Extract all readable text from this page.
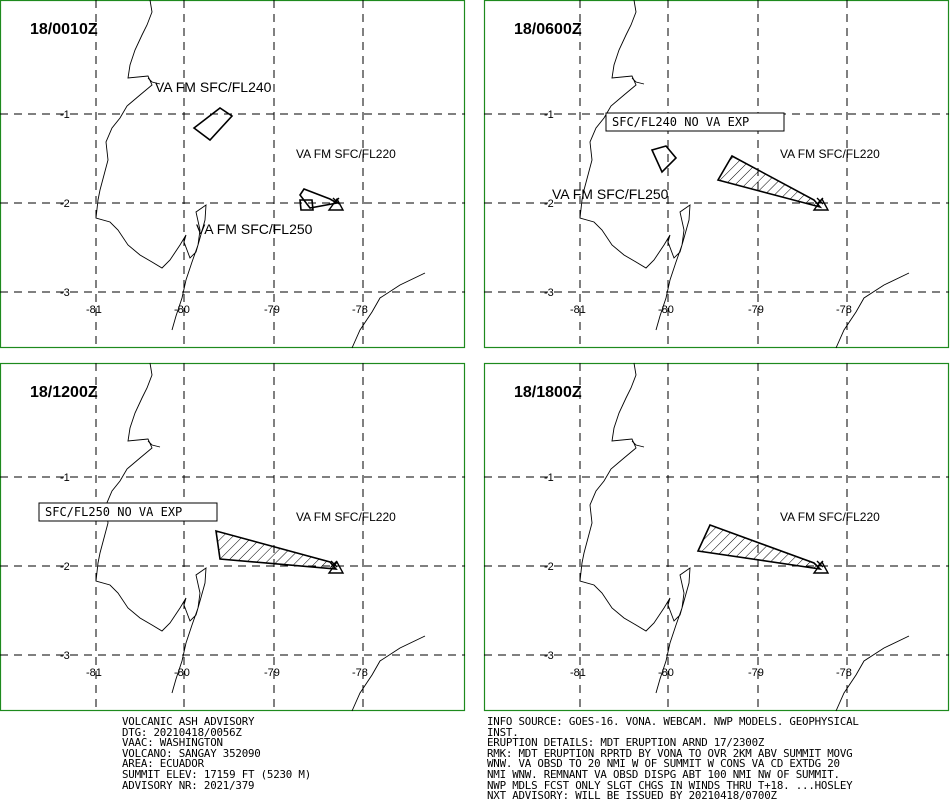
-81	-80	-79	-78
-1
-2
-3
18/0010Z
VA FM SFC/FL240
VA FM SFC/FL220
VA FM SFC/FL250
-81	-80	-79	-78
-1
-2
-3
18/0600Z
SFC/FL240 NO VA EXP
VA FM SFC/FL220
VA FM SFC/FL250
-81	-80	-79	-78
-1
-2
-3
18/1200Z
SFC/FL250 NO VA EXP	VA FM SFC/FL220
-81	-80	-79	-78
-1
-2
-3
18/1800Z
VA FM SFC/FL220
VOLCANIC ASH ADVISORY
DTG: 20210418/0056Z
VAAC: WASHINGTON
VOLCANO: SANGAY 352090
AREA: ECUADOR
SUMMIT ELEV: 17159 FT (5230 M)
ADVISORY NR: 2021/379
INFO SOURCE: GOES-16. VONA. WEBCAM. NWP MODELS. GEOPHYSICAL
INST.
ERUPTION DETAILS: MDT ERUPTION ARND 17/2300Z
RMK: MDT ERUPTION RPRTD BY VONA TO OVR 2KM ABV SUMMIT MOVG
WNW. VA OBSD TO 20 NMI W OF SUMMIT W CONS VA CD EXTDG 20
NMI WNW. REMNANT VA OBSD DISPG ABT 100 NMI NW OF SUMMIT.
NWP MDLS FCST ONLY SLGT CHGS IN WINDS THRU T+18. ...HOSLEY
NXT ADVISORY: WILL BE ISSUED BY 20210418/0700Z
